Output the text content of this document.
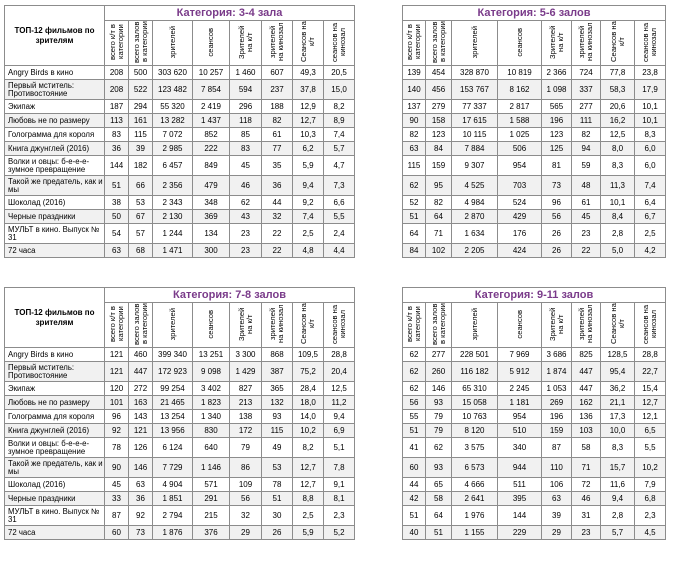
ТОП-12 фильмов по зрителям	Категория: 3-4 зала							
	всего к/т в категории	всего залов в категории	зрителей	сеансов	Зрителей на к/т	зрителей на кинозал	Сеансов на к/т	сеансов на кинозал
Angry Birds в кино	208	500	303 620	10 257	1 460	607	49,3	20,5
Первый мститель: Противостояние	208	522	123 482	7 854	594	237	37,8	15,0
Экипаж	187	294	55 320	2 419	296	188	12,9	8,2
Любовь не по размеру	113	161	13 282	1 437	118	82	12,7	8,9
Голограмма для короля	83	115	7 072	852	85	61	10,3	7,4
Книга джунглей (2016)	36	39	2 985	222	83	77	6,2	5,7
Волки и овцы: б-е-е-е-зумное превращение	144	182	6 457	849	45	35	5,9	4,7
Такой же предатель, как и мы	51	66	2 356	479	46	36	9,4	7,3
Шоколад (2016)	38	53	2 343	348	62	44	9,2	6,6
Черные праздники	50	67	2 130	369	43	32	7,4	5,5
МУЛЬТ в кино. Выпуск № 31	54	57	1 244	134	23	22	2,5	2,4
72 часа	63	68	1 471	300	23	22	4,8	4,4
Категория: 5-6 залов							
всего к/т в категории	всего залов в категории	зрителей	сеансов	Зрителей на к/т	зрителей на кинозал	Сеансов на к/т	сеансов на кинозал
139	454	328 870	10 819	2 366	724	77,8	23,8
140	456	153 767	8 162	1 098	337	58,3	17,9
137	279	77 337	2 817	565	277	20,6	10,1
90	158	17 615	1 588	196	111	16,2	10,1
82	123	10 115	1 025	123	82	12,5	8,3
63	84	7 884	506	125	94	8,0	6,0
115	159	9 307	954	81	59	8,3	6,0
62	95	4 525	703	73	48	11,3	7,4
52	82	4 984	524	96	61	10,1	6,4
51	64	2 870	429	56	45	8,4	6,7
64	71	1 634	176	26	23	2,8	2,5
84	102	2 205	424	26	22	5,0	4,2
ТОП-12 фильмов по зрителям	Категория: 7-8 залов							
	всего к/т в категории	всего залов в категории	зрителей	сеансов	Зрителей на к/т	зрителей на кинозал	Сеансов на к/т	сеансов на кинозал
Angry Birds в кино	121	460	399 340	13 251	3 300	868	109,5	28,8
Первый мститель: Противостояние	121	447	172 923	9 098	1 429	387	75,2	20,4
Экипаж	120	272	99 254	3 402	827	365	28,4	12,5
Любовь не по размеру	101	163	21 465	1 823	213	132	18,0	11,2
Голограмма для короля	96	143	13 254	1 340	138	93	14,0	9,4
Книга джунглей (2016)	92	121	13 956	830	172	115	10,2	6,9
Волки и овцы: б-е-е-е-зумное превращение	78	126	6 124	640	79	49	8,2	5,1
Такой же предатель, как и мы	90	146	7 729	1 146	86	53	12,7	7,8
Шоколад (2016)	45	63	4 904	571	109	78	12,7	9,1
Черные праздники	33	36	1 851	291	56	51	8,8	8,1
МУЛЬТ в кино. Выпуск № 31	87	92	2 794	215	32	30	2,5	2,3
72 часа	60	73	1 876	376	29	26	5,9	5,2
Категория: 9-11 залов							
всего к/т в категории	всего залов в категории	зрителей	сеансов	Зрителей на к/т	зрителей на кинозал	Сеансов на к/т	сеансов на кинозал
62	277	228 501	7 969	3 686	825	128,5	28,8
62	260	116 182	5 912	1 874	447	95,4	22,7
62	146	65 310	2 245	1 053	447	36,2	15,4
56	93	15 058	1 181	269	162	21,1	12,7
55	79	10 763	954	196	136	17,3	12,1
51	79	8 120	510	159	103	10,0	6,5
41	62	3 575	340	87	58	8,3	5,5
60	93	6 573	944	110	71	15,7	10,2
44	65	4 666	511	106	72	11,6	7,9
42	58	2 641	395	63	46	9,4	6,8
51	64	1 976	144	39	31	2,8	2,3
40	51	1 155	229	29	23	5,7	4,5
